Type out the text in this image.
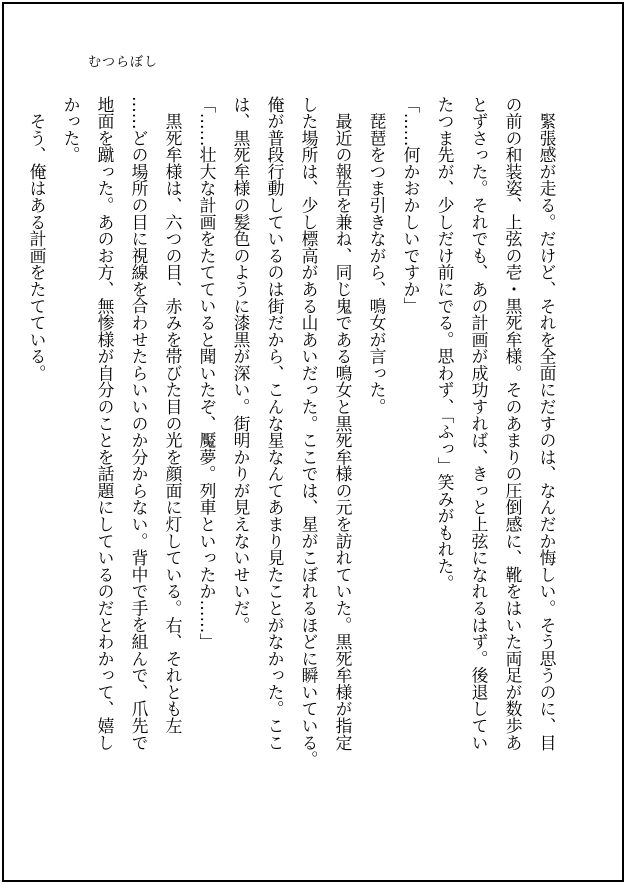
むつらぼし
　緊張感が走る。だけど、それを全面にだすのは、なんだか悔しい。そう思うのに、目
の前の和装姿、上弦の壱・黒死牟様。そのあまりの圧倒感に、靴をはいた両足が数歩あ
とずさった。それでも、あの計画が成功すれば、きっと上弦になれるはず。後退してい
たつま先が、少しだけ前にでる。思わず、「ふっ」笑みがもれた。
「……何かおかしいですか」
　琵琶をつま引きながら、鳴女が言った。
　最近の報告を兼ね、同じ鬼である鳴女と黒死牟様の元を訪れていた。黒死牟様が指定
した場所は、少し標高がある山あいだった。ここでは、星がこぼれるほどに瞬いている。
俺が普段行動しているのは街だから、こんな星なんてあまり見たことがなかった。ここ
は、黒死牟様の髪色のように漆黒が深い。街明かりが見えないせいだ。
「……壮大な計画をたてていると聞いたぞ、魘夢。列車といったか……」
　黒死牟様は、六つの目、赤みを帯びた目の光を顔面に灯している。右、それとも左
……どの場所の目に視線を合わせたらいいのか分からない。背中で手を組んで、爪先で
地面を蹴った。あのお方、無惨様が自分のことを話題にしているのだとわかって、嬉し
かった。
　そう、俺はある計画をたてている。
